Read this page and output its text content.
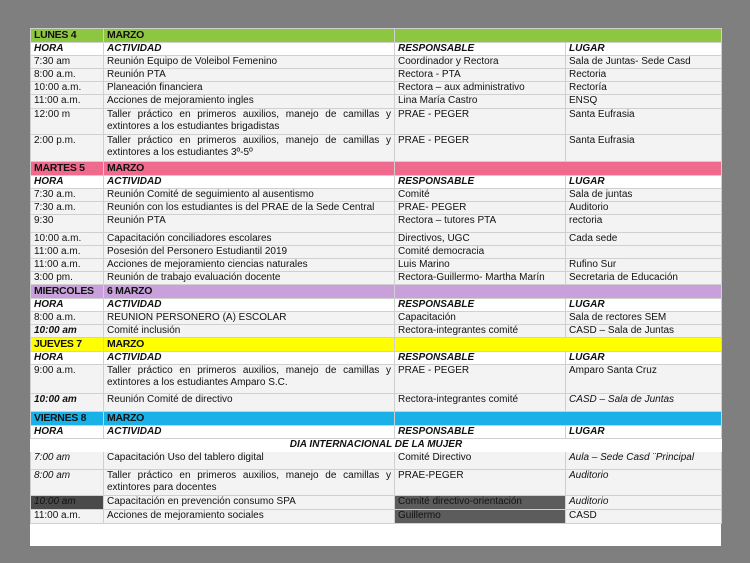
LUNES 4	MARZO		
HORA	ACTIVIDAD	RESPONSABLE	LUGAR
7:30 am	Reunión Equipo de Voleibol Femenino	Coordinador y Rectora	Sala de Juntas- Sede Casd
8:00 a.m.	Reunión PTA	Rectora - PTA	Rectoria
10:00 a.m.	Planeación financiera	Rectora – aux administrativo	Rectoría
11:00 a.m.	Acciones de mejoramiento ingles	Lina María Castro	ENSQ
12:00 m	Taller práctico en primeros auxilios, manejo de camillas y extintores a los estudiantes brigadistas	PRAE - PEGER	Santa Eufrasia
2:00 p.m.	Taller práctico en primeros auxilios, manejo de camillas y extintores a los estudiantes 3º-5º	PRAE - PEGER	Santa Eufrasia
MARTES 5	MARZO		
HORA	ACTIVIDAD	RESPONSABLE	LUGAR
7:30 a.m.	Reunión Comité de seguimiento al ausentismo	Comité	Sala de juntas
7:30 a.m.	Reunión con los estudiantes is del PRAE de la Sede Central	PRAE- PEGER	Auditorio
9:30	Reunión PTA	Rectora – tutores PTA	rectoria
10:00 a.m.	Capacitación conciliadores escolares	Directivos, UGC	Cada sede
11:00 a.m.	Posesión del Personero Estudiantil 2019	Comité democracia	
11:00 a.m.	Acciones de mejoramiento ciencias naturales	Luis Marino	Rufino Sur
3:00 pm.	Reunión de trabajo evaluación docente	Rectora-Guillermo- Martha Marín	Secretaria de Educación
MIERCOLES	6 MARZO		
HORA	ACTIVIDAD	RESPONSABLE	LUGAR
8:00 a.m.	REUNION PERSONERO (A) ESCOLAR	Capacitación	Sala de rectores SEM
10:00 am	Comité inclusión	Rectora-integrantes comité	CASD – Sala de Juntas
JUEVES 7	MARZO		
HORA	ACTIVIDAD	RESPONSABLE	LUGAR
9:00 a.m.	Taller práctico en primeros auxilios, manejo de camillas y extintores a los estudiantes Amparo S.C.	PRAE - PEGER	Amparo Santa Cruz
10:00 am	Reunión Comité de directivo	Rectora-integrantes comité	CASD – Sala de Juntas
VIERNES 8	MARZO		
HORA	ACTIVIDAD	RESPONSABLE	LUGAR
DIA INTERNACIONAL DE LA MUJER			
7:00 am	Capacitación Uso del tablero digital	Comité Directivo	Aula – Sede Casd ¨Principal
8:00 am	Taller práctico en primeros auxilios, manejo de camillas y extintores para docentes	PRAE-PEGER	Auditorio
10:00 am	Capacitación en prevención consumo SPA	Comité directivo-orientación	Auditorio
11:00 a.m.	Acciones de mejoramiento sociales	Guillermo	CASD
